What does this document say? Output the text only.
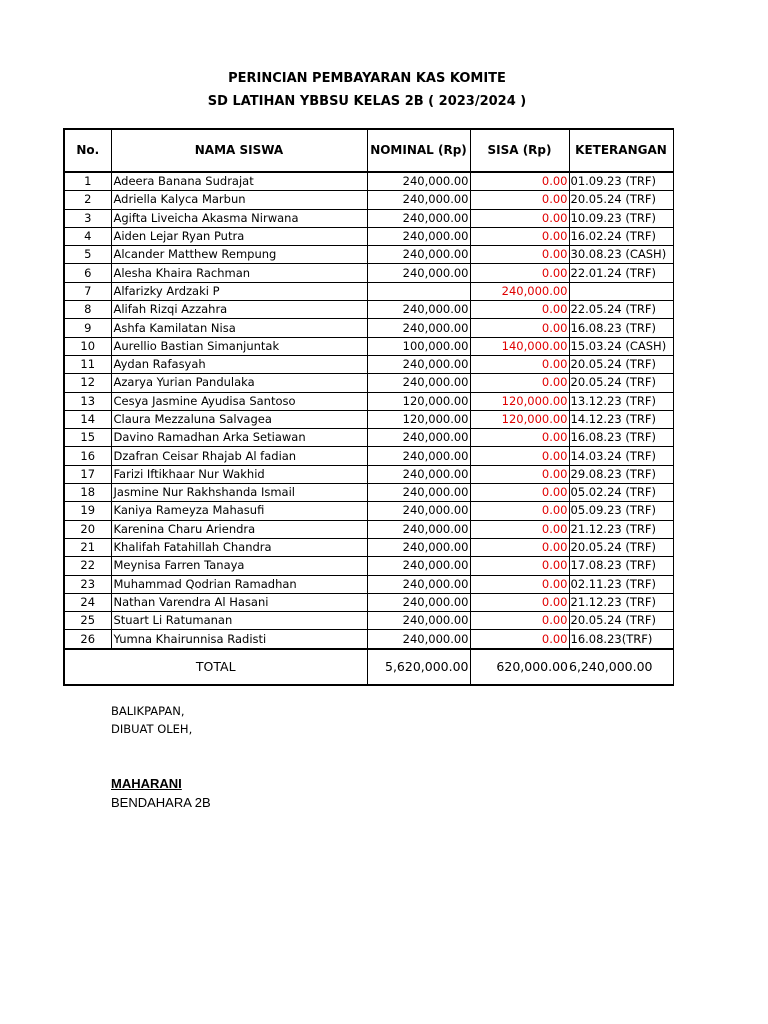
PERINCIAN PEMBAYARAN KAS KOMITE
SD LATIHAN YBBSU KELAS 2B ( 2023/2024 )
No.	NAMA SISWA	NOMINAL (Rp)	SISA (Rp)	KETERANGAN
1	Adeera Banana Sudrajat	240,000.00	0.00	01.09.23 (TRF)
2	Adriella Kalyca Marbun	240,000.00	0.00	20.05.24 (TRF)
3	Agifta Liveicha Akasma Nirwana	240,000.00	0.00	10.09.23 (TRF)
4	Aiden Lejar Ryan Putra	240,000.00	0.00	16.02.24 (TRF)
5	Alcander Matthew Rempung	240,000.00	0.00	30.08.23 (CASH)
6	Alesha Khaira Rachman	240,000.00	0.00	22.01.24 (TRF)
7	Alfarizky Ardzaki P		240,000.00	
8	Alifah Rizqi Azzahra	240,000.00	0.00	22.05.24 (TRF)
9	Ashfa Kamilatan Nisa	240,000.00	0.00	16.08.23 (TRF)
10	Aurellio Bastian Simanjuntak	100,000.00	140,000.00	15.03.24 (CASH)
11	Aydan Rafasyah	240,000.00	0.00	20.05.24 (TRF)
12	Azarya Yurian Pandulaka	240,000.00	0.00	20.05.24 (TRF)
13	Cesya Jasmine Ayudisa Santoso	120,000.00	120,000.00	13.12.23 (TRF)
14	Claura Mezzaluna Salvagea	120,000.00	120,000.00	14.12.23 (TRF)
15	Davino Ramadhan Arka Setiawan	240,000.00	0.00	16.08.23 (TRF)
16	Dzafran Ceisar Rhajab Al fadian	240,000.00	0.00	14.03.24 (TRF)
17	Farizi Iftikhaar Nur Wakhid	240,000.00	0.00	29.08.23 (TRF)
18	Jasmine Nur Rakhshanda Ismail	240,000.00	0.00	05.02.24 (TRF)
19	Kaniya Rameyza Mahasufi	240,000.00	0.00	05.09.23 (TRF)
20	Karenina Charu Ariendra	240,000.00	0.00	21.12.23 (TRF)
21	Khalifah Fatahillah Chandra	240,000.00	0.00	20.05.24 (TRF)
22	Meynisa Farren Tanaya	240,000.00	0.00	17.08.23 (TRF)
23	Muhammad Qodrian Ramadhan	240,000.00	0.00	02.11.23 (TRF)
24	Nathan Varendra Al Hasani	240,000.00	0.00	21.12.23 (TRF)
25	Stuart Li Ratumanan	240,000.00	0.00	20.05.24 (TRF)
26	Yumna Khairunnisa Radisti	240,000.00	0.00	16.08.23(TRF)
TOTAL		5,620,000.00	620,000.00	6,240,000.00
BALIKPAPAN,
DIBUAT OLEH,
MAHARANI
BENDAHARA 2B
